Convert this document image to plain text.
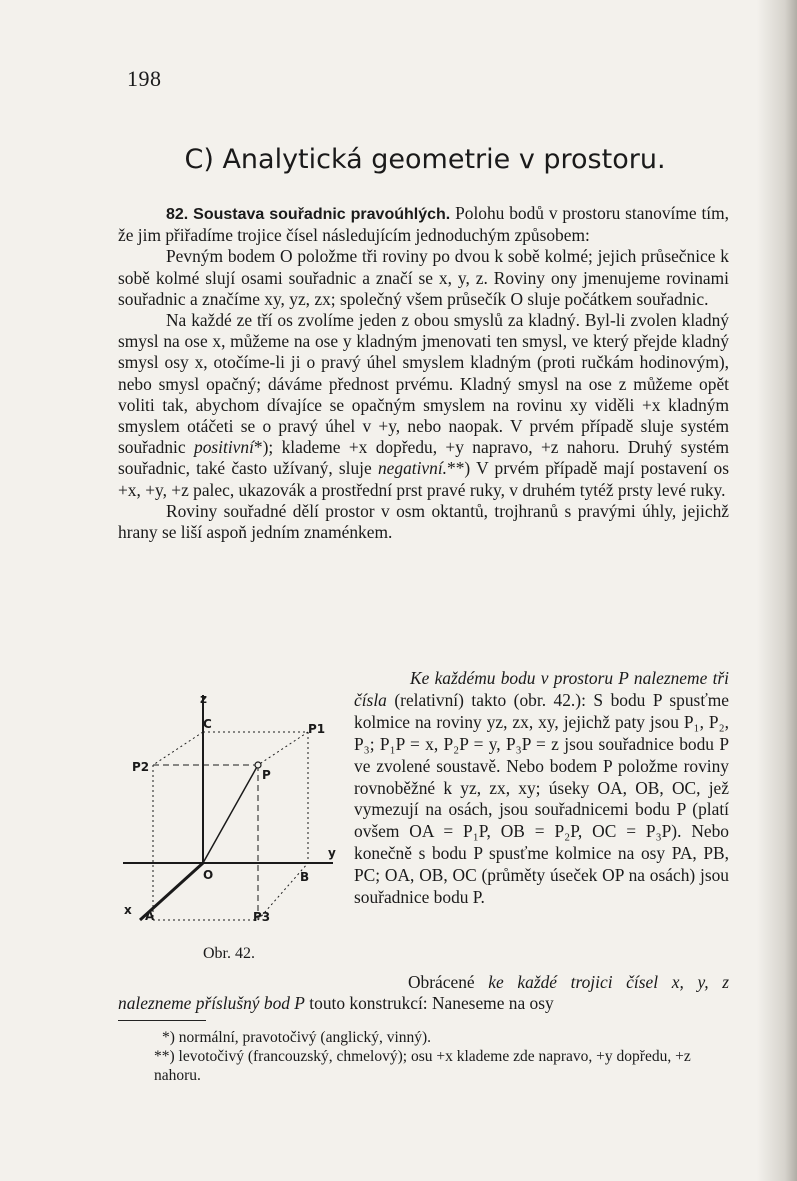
198
C) Analytická geometrie v prostoru.

82. Soustava souřadnic pravoúhlých. Polohu bodů v prostoru stanovíme tím, že jim přiřadíme trojice čísel následujícím jednoduchým způsobem:

Pevným bodem O položme tři roviny po dvou k sobě kolmé; jejich průsečnice k sobě kolmé slují osami souřadnic a značí se x, y, z. Roviny ony jmenujeme rovinami souřadnic a značíme xy, yz, zx; společný všem průsečík O sluje počátkem souřadnic.

Na každé ze tří os zvolíme jeden z obou smyslů za kladný. Byl-li zvolen kladný smysl na ose x, můžeme na ose y kladným jmenovati ten smysl, ve který přejde kladný smysl osy x, otočíme-li ji o pravý úhel smyslem kladným (proti ručkám hodinovým), nebo smysl opačný; dáváme přednost prvému. Kladný smysl na ose z můžeme opět voliti tak, abychom dívajíce se opačným smyslem na rovinu xy viděli +x kladným smyslem otáčeti se o pravý úhel v +y, nebo naopak. V prvém případě sluje systém souřadnic positivní*); klademe +x dopředu, +y napravo, +z nahoru. Druhý systém souřadnic, také často užívaný, sluje negativní.**) V prvém případě mají postavení os +x, +y, +z palec, ukazovák a prostřední prst pravé ruky, v druhém tytéž prsty levé ruky.

Roviny souřadné dělí prostor v osm oktantů, trojhranů s pravými úhly, jejichž hrany se liší aspoň jedním znaménkem.

z
y
x
O
A
B
C
P
P1
P2
P3
Obr. 42.

Ke každému bodu v prostoru P nalezneme tři čísla (relativní) takto (obr. 42.): S bodu P spusťme kolmice na roviny yz, zx, xy, jejichž paty jsou P₁, P₂, P₃; P₁P = x, P₂P = y, P₃P = z jsou souřadnice bodu P ve zvolené soustavě. Nebo bodem P položme roviny rovnoběžné k yz, zx, xy; úseky OA, OB, OC, jež vymezují na osách, jsou souřadnicemi bodu P (platí ovšem OA = P₁P, OB = P₂P, OC = P₃P). Nebo konečně s bodu P spusťme kolmice na osy PA, PB, PC; OA, OB, OC (průměty úseček OP na osách) jsou souřadnice bodu P.

Obrácené ke každé trojici čísel x, y, z nalezneme příslušný bod P touto konstrukcí: Naneseme na osy

*) normální, pravotočivý (anglický, vinný).

**) levotočivý (francouzský, chmelový); osu +x klademe zde napravo, +y dopředu, +z nahoru.
